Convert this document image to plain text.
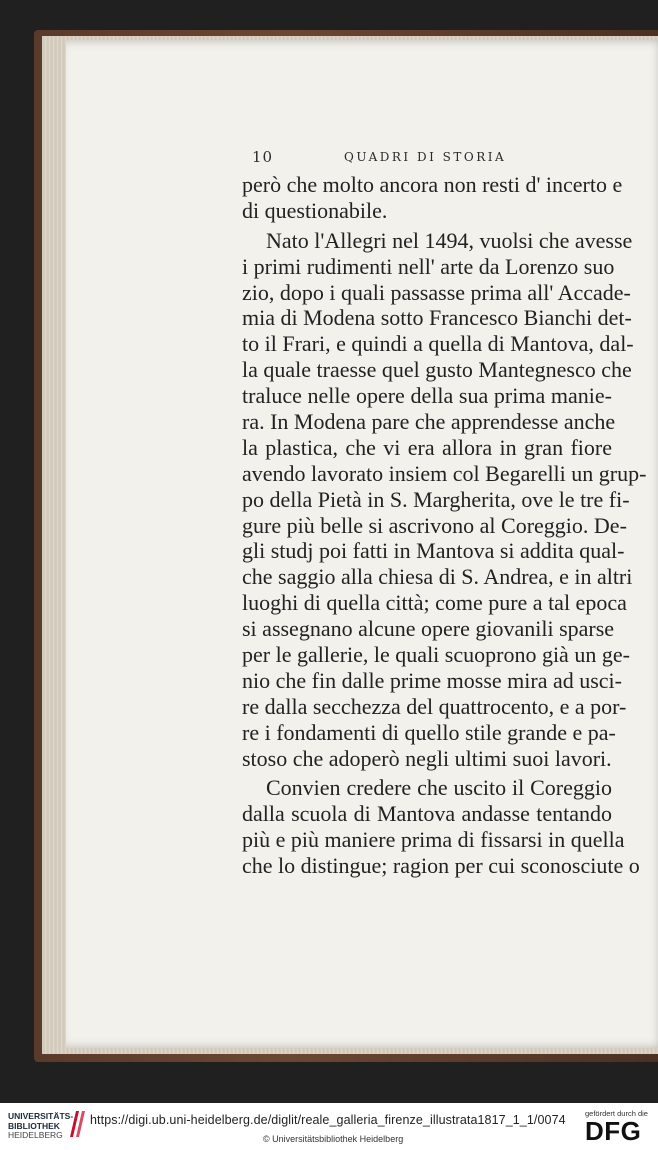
10	QUADRI DI STORIA
però che molto ancora non resti d' incerto e
di questionabile.
Nato l'Allegri nel 1494, vuolsi che avesse
i primi rudimenti nell' arte da Lorenzo suo
zio, dopo i quali passasse prima all' Accade-
mia di Modena sotto Francesco Bianchi det-
to il Frari, e quindi a quella di Mantova, dal-
la quale traesse quel gusto Mantegnesco che
traluce nelle opere della sua prima manie-
ra. In Modena pare che apprendesse anche
la plastica, che vi era allora in gran fiore
avendo lavorato insiem col Begarelli un grup-
po della Pietà in S. Margherita, ove le tre fi-
gure più belle si ascrivono al Coreggio. De-
gli studj poi fatti in Mantova si addita qual-
che saggio alla chiesa di S. Andrea, e in altri
luoghi di quella città; come pure a tal epoca
si assegnano alcune opere giovanili sparse
per le gallerie, le quali scuoprono già un ge-
nio che fin dalle prime mosse mira ad usci-
re dalla secchezza del quattrocento, e a por-
re i fondamenti di quello stile grande e pa-
stoso che adoperò negli ultimi suoi lavori.
Convien credere che uscito il Coreggio
dalla scuola di Mantova andasse tentando
più e più maniere prima di fissarsi in quella
che lo distingue; ragion per cui sconosciute o
UNIVERSITÄTS-
BIBLIOTHEK
HEIDELBERG
https://digi.ub.uni-heidelberg.de/diglit/reale_galleria_firenze_illustrata1817_1_1/0074
© Universitätsbibliothek Heidelberg
gefördert durch die
DFG
